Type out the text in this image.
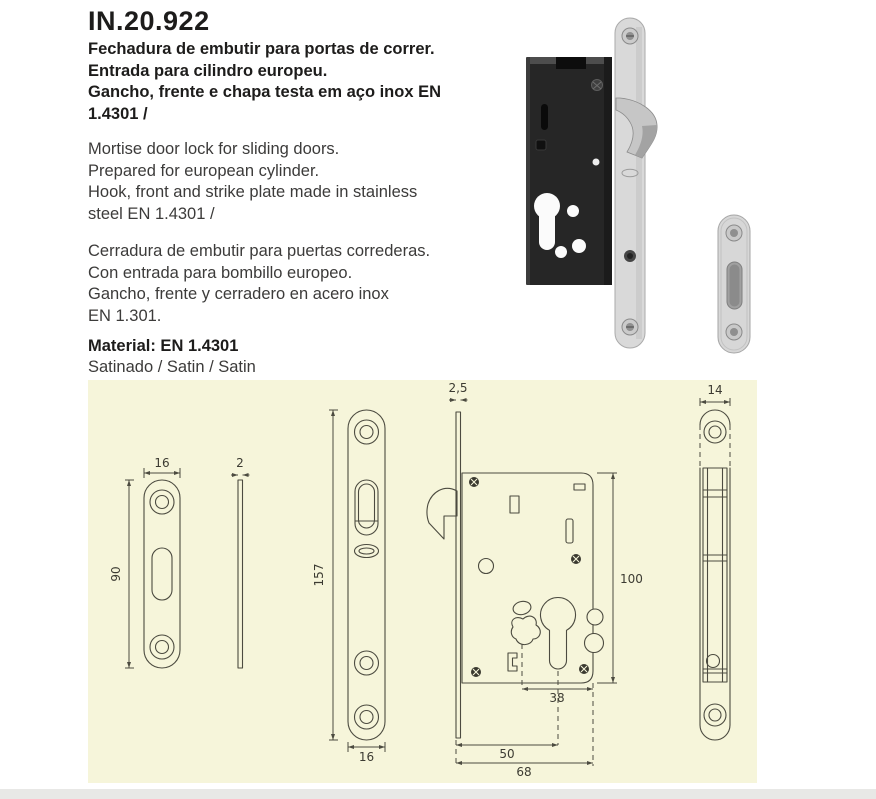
IN.20.922
Fechadura de embutir para portas de correr.
Entrada para cilindro europeu.
Gancho, frente e chapa testa em aço inox EN
1.4301 /
Mortise door lock for sliding doors.
Prepared for european cylinder.
Hook, front and strike plate made in stainless
steel EN 1.4301 /
Cerradura de embutir para puertas correderas.
Con entrada para bombillo europeo.
Gancho, frente y cerradero en acero inox
EN 1.301.
Material: EN 1.4301
Satinado / Satin / Satin
16
90
2
157
16
2,5
100
38
50
68
14
